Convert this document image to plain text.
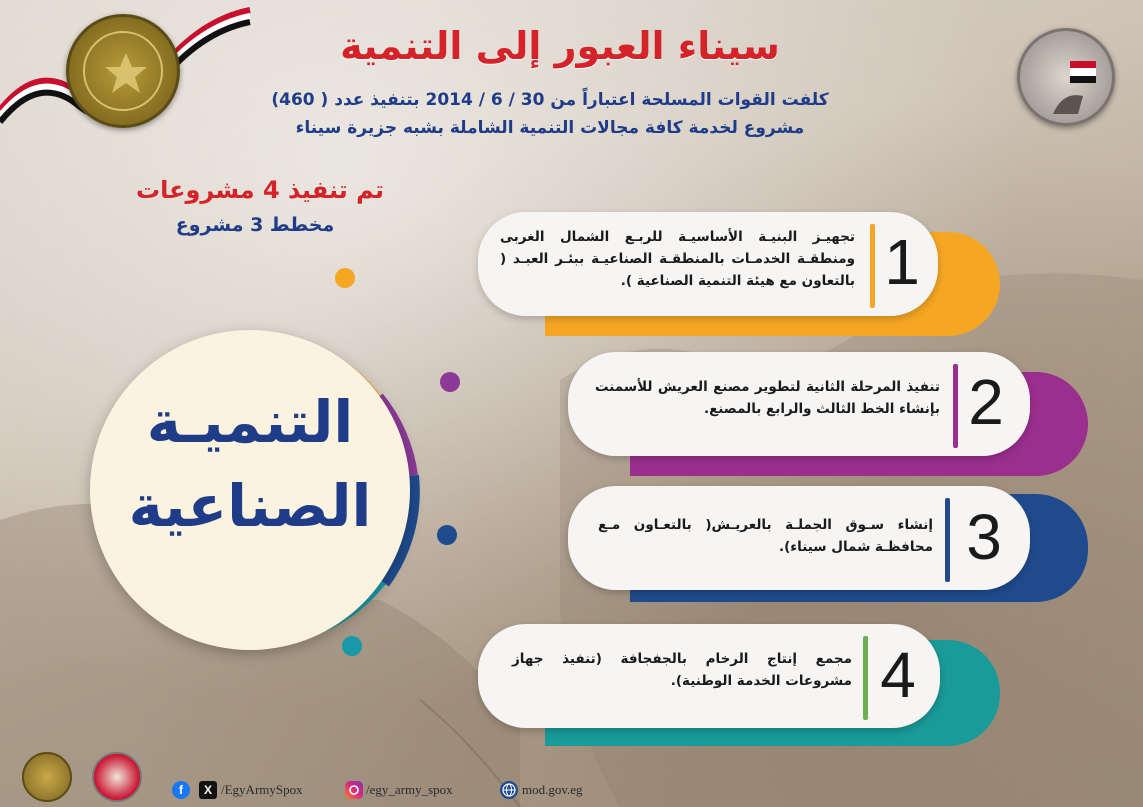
سيناء العبور إلى التنمية
كلفت القوات المسلحة اعتباراً من 30 / 6 / 2014 بتنفيذ عدد ( 460)
مشروع لخدمة كافة مجالات التنمية الشاملة بشبه جزيرة سيناء
تم تنفيذ 4 مشروعات
مخطط 3 مشروع
التنميـة
الصناعية
1
تجهيـز البنيـة الأساسيـة للربـع الشمال الغربى ومنطقـة الخدمـات بالمنطقـة الصناعيـة ببئـر العبـد ( بالتعاون مع هيئة التنمية الصناعية ).
2
تنفيذ المرحلة الثانية لتطوير مصنع العريش للأسمنت بإنشاء الخط الثالث والرابع بالمصنع.
3
إنشاء سـوق الجملـة بالعريـش( بالتعـاون مـع محافظـة شمال سيناء).
4
مجمع إنتاج الرخام بالجفجافة (تنفيذ جهاز مشروعات الخدمة الوطنية).
f	X /EgyArmySpox	/egy_army_spox	mod.gov.eg
